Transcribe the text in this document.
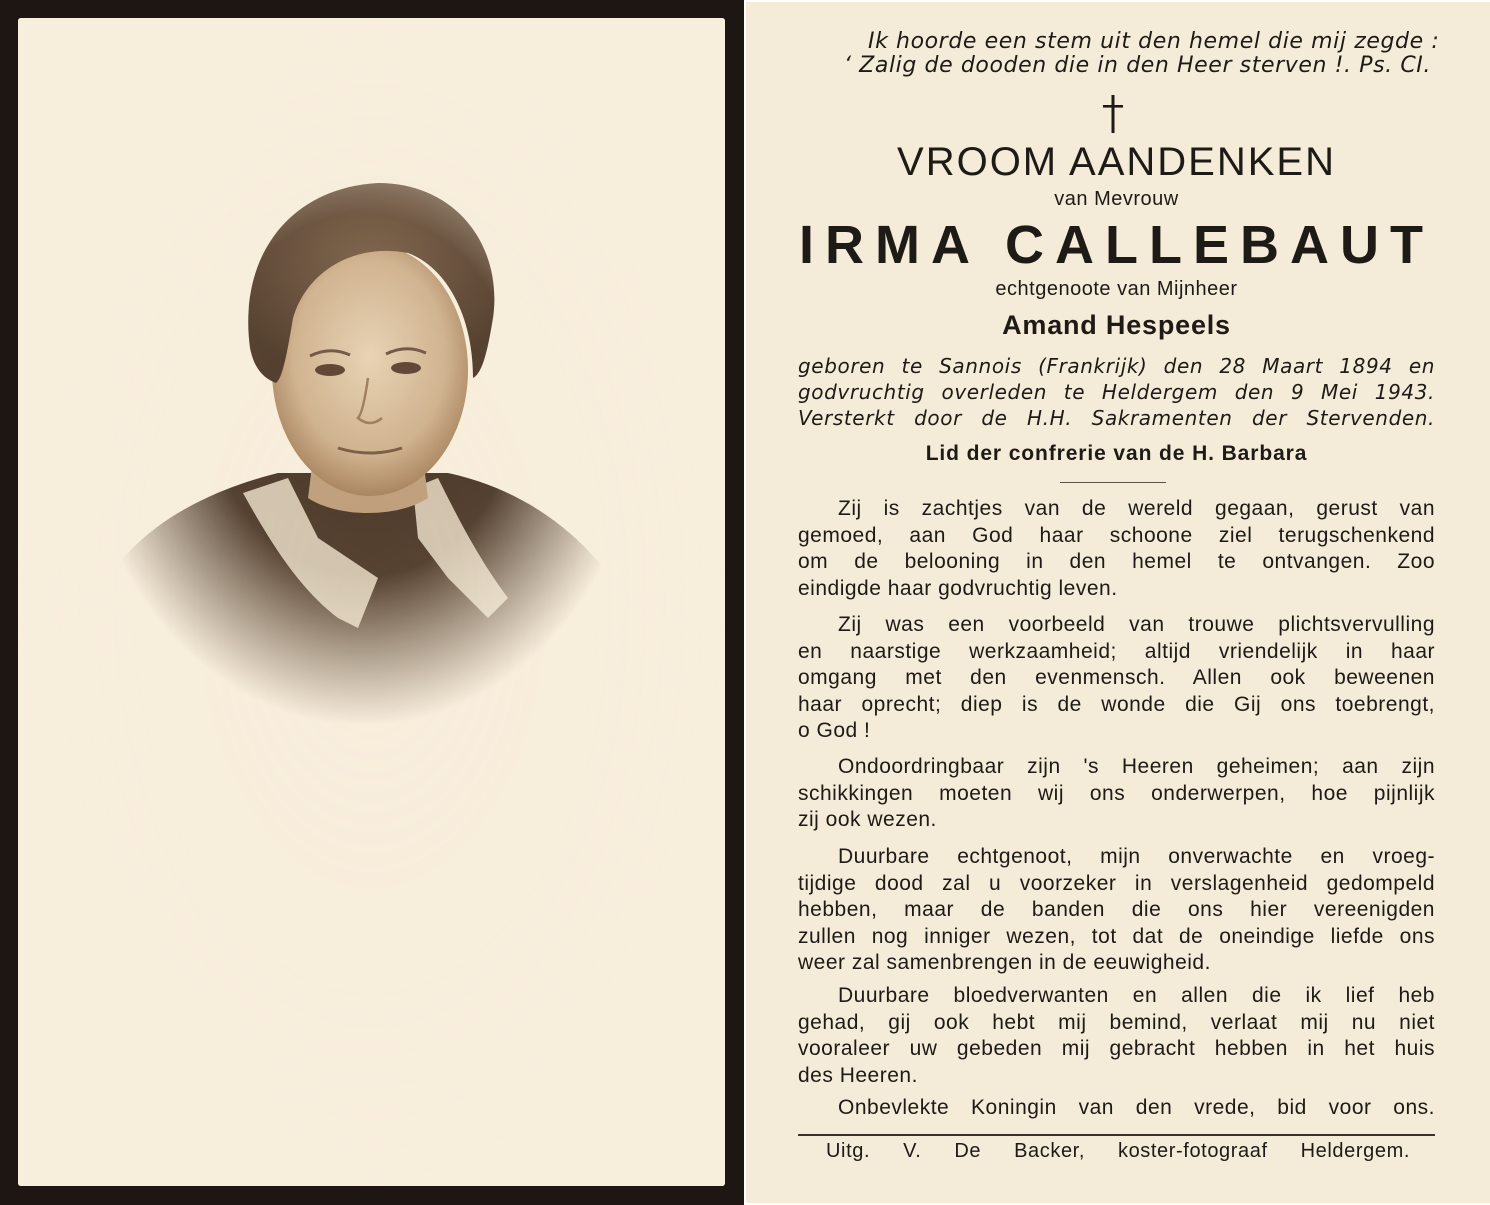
Ik hoorde een stem uit den hemel die mij zegde :
‘ Zalig de dooden die in den Heer sterven !. Ps. CI.
VROOM AANDENKEN
van Mevrouw
IRMA CALLEBAUT
echtgenoote van Mijnheer
Amand Hespeels
geboren te Sannois (Frankrijk) den 28 Maart 1894 en
godvruchtig overleden te Heldergem den 9 Mei 1943.
Versterkt door de H.H. Sakramenten der Stervenden.
Lid der confrerie van de H. Barbara
Zij is zachtjes van de wereld gegaan, gerust van
gemoed, aan God haar schoone ziel terugschenkend
om de belooning in den hemel te ontvangen. Zoo
eindigde haar godvruchtig leven.
Zij was een voorbeeld van trouwe plichtsvervulling
en naarstige werkzaamheid; altijd vriendelijk in haar
omgang met den evenmensch. Allen ook beweenen
haar oprecht; diep is de wonde die Gij ons toebrengt,
o God !
Ondoordringbaar zijn 's Heeren geheimen; aan zijn
schikkingen moeten wij ons onderwerpen, hoe pijnlijk
zij ook wezen.
Duurbare echtgenoot, mijn onverwachte en vroeg-
tijdige dood zal u voorzeker in verslagenheid gedompeld
hebben, maar de banden die ons hier vereenigden
zullen nog inniger wezen, tot dat de oneindige liefde ons
weer zal samenbrengen in de eeuwigheid.
Duurbare bloedverwanten en allen die ik lief heb
gehad, gij ook hebt mij bemind, verlaat mij nu niet
vooraleer uw gebeden mij gebracht hebben in het huis
des Heeren.
Onbevlekte Koningin van den vrede, bid voor ons.
Uitg. V. De Backer, koster-fotograaf Heldergem.
